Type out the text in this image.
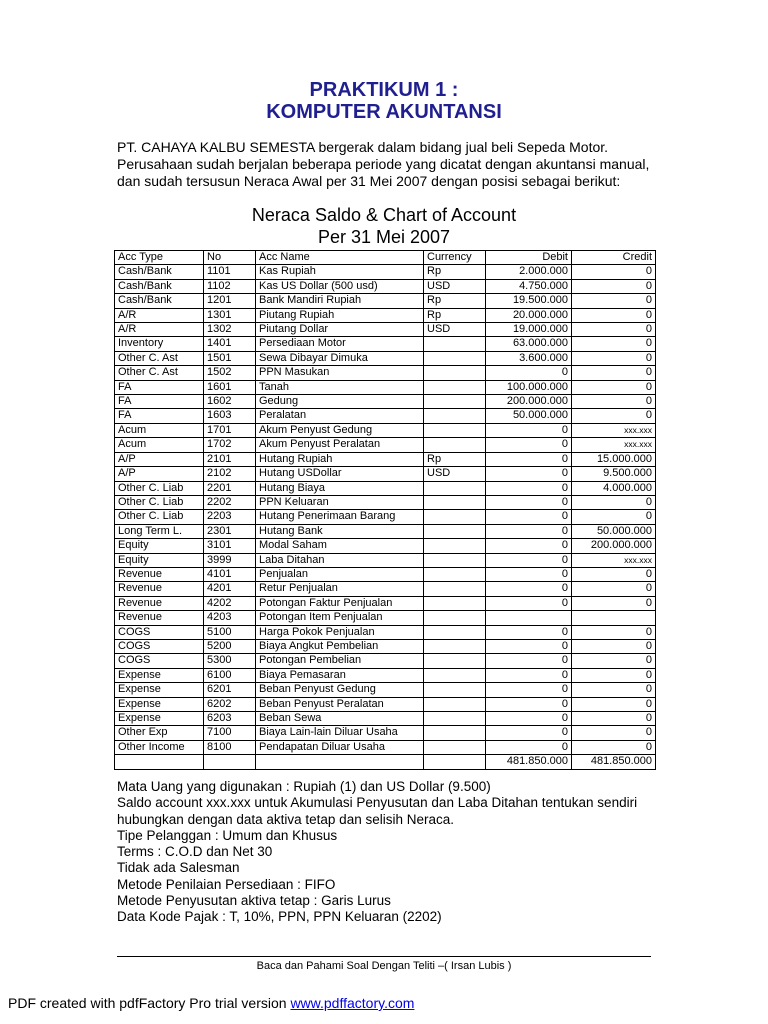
PRAKTIKUM 1 :
KOMPUTER AKUNTANSI

PT. CAHAYA KALBU SEMESTA bergerak dalam bidang jual beli Sepeda Motor.

Perusahaan sudah berjalan beberapa periode yang dicatat dengan akuntansi manual,

dan sudah tersusun Neraca Awal per 31 Mei 2007 dengan posisi sebagai berikut:

Neraca Saldo & Chart of Account
Per 31 Mei 2007
Acc Type	No	Acc Name	Currency	Debit	Credit
Cash/Bank	1101	Kas Rupiah	Rp	2.000.000	0
Cash/Bank	1102	Kas US Dollar (500 usd)	USD	4.750.000	0
Cash/Bank	1201	Bank Mandiri Rupiah	Rp	19.500.000	0
A/R	1301	Piutang Rupiah	Rp	20.000.000	0
A/R	1302	Piutang Dollar	USD	19.000.000	0
Inventory	1401	Persediaan Motor		63.000.000	0
Other C. Ast	1501	Sewa Dibayar Dimuka		3.600.000	0
Other C. Ast	1502	PPN Masukan		0	0
FA	1601	Tanah		100.000.000	0
FA	1602	Gedung		200.000.000	0
FA	1603	Peralatan		50.000.000	0
Acum	1701	Akum Penyust Gedung		0	xxx.xxx
Acum	1702	Akum Penyust Peralatan		0	xxx.xxx
A/P	2101	Hutang Rupiah	Rp	0	15.000.000
A/P	2102	Hutang USDollar	USD	0	9.500.000
Other C. Liab	2201	Hutang Biaya		0	4.000.000
Other C. Liab	2202	PPN Keluaran		0	0
Other C. Liab	2203	Hutang Penerimaan Barang		0	0
Long Term L.	2301	Hutang Bank		0	50.000.000
Equity	3101	Modal Saham		0	200.000.000
Equity	3999	Laba Ditahan		0	xxx.xxx
Revenue	4101	Penjualan		0	0
Revenue	4201	Retur Penjualan		0	0
Revenue	4202	Potongan Faktur Penjualan		0	0
Revenue	4203	Potongan Item Penjualan			
COGS	5100	Harga Pokok Penjualan		0	0
COGS	5200	Biaya Angkut Pembelian		0	0
COGS	5300	Potongan Pembelian		0	0
Expense	6100	Biaya Pemasaran		0	0
Expense	6201	Beban Penyust Gedung		0	0
Expense	6202	Beban Penyust Peralatan		0	0
Expense	6203	Beban Sewa		0	0
Other Exp	7100	Biaya Lain-lain Diluar Usaha		0	0
Other Income	8100	Pendapatan Diluar Usaha		0	0
				481.850.000	481.850.000
Mata Uang yang digunakan : Rupiah (1) dan US Dollar (9.500)
Saldo account xxx.xxx untuk Akumulasi Penyusutan dan Laba Ditahan tentukan sendiri
hubungkan dengan data aktiva tetap dan selisih Neraca.
Tipe Pelanggan : Umum dan Khusus
Terms : C.O.D dan Net 30
Tidak ada Salesman
Metode Penilaian Persediaan : FIFO
Metode Penyusutan aktiva tetap : Garis Lurus
Data Kode Pajak : T, 10%, PPN, PPN Keluaran (2202)
Baca dan Pahami Soal Dengan Teliti –( Irsan Lubis )
PDF created with pdfFactory Pro trial version www.pdffactory.com
